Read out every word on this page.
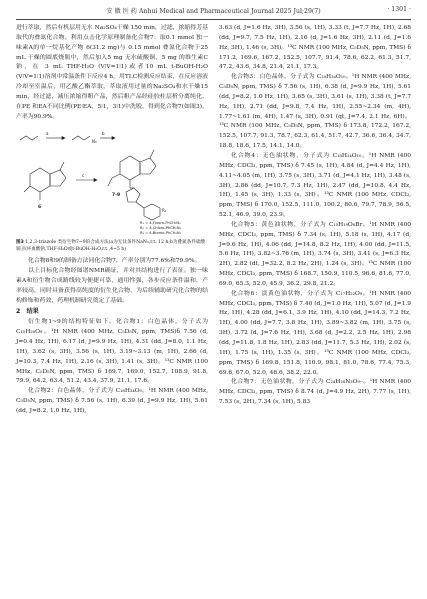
安 徽 医 药 Anhui Medical and Pharmaceutical Journal 2025 Jul;29(7)	· 1301 ·

进行萃取，然后有机层用无水 Na₂SO₄干燥 150 min，过滤，浓缩得芳基取代的叠氮化合物。利用点击化学原理制备化合物7：取0.1 mmol 独一味素A的单一烷基化产物 6(31.2 mg)与 0.15 mmol 叠氮化合物于25 mL 干燥的圆底烧瓶中，然后加入5 mg 无水硫酸铜，5 mg 的维生素C钠，在 3 mL THF-H₂O (V∶V=1∶1)或者10 mL t-BuOH-H₂O (V∶V=1∶1)溶剂中常温条件下反应4 h，用TLC检测反应结束，在反应溶液冷却至室温后，用乙酸乙酯萃取，萃取液用过量的Na₂SO₄和水干燥15 min，经过滤，减压浓缩得粗产品，然后粗产品经硅胶柱层析分离纯化，在PE 和EA不同比例(PE∶EA，5∶1，3∶1)中洗脱，得到化合物7(如图3)，产率为90.9%。

a	b
c
N₃
6
7-9
R₁
R₁ = 4-Fluoro-PhCH₂N₃
R₂ = 4-Chloro-PhCH₂N₃
R₃ = 4-Bromo-PhCH₂N₃
图3 1,2,3-triazole 类衍生物7~9的合成方法(a为无钛条件NaN₃,r.t. 12 h;b为叠氮条件硫酸铜,抗坏血酸钠,THF-H₂O或t-BuOH-H₂O,r.t.,4~5 h)

化合物8和9的制备方法同化合物7，产率分别为77.6%和79.9%。

以上目标化合物经图谱NMR确证，并对其结构进行了表征。独一味素A和衍生物合成路线较为便捷可靠，通用性强，各步反应条件温和，产率较高，同时具备获得高纯度的衍生化合物，为后续辅助研究化合物的结构修饰和药效、药理机制研究奠定了基础。

2　结果

衍生物1~9的结构特征如下。化合物1：白色晶体，分子式为 C₁₅H₂₀O₉。¹H NMR (400 MHz, C₅D₅N, ppm, TMS)δ 7.56 (d, J=0.4 Hz, 1H), 6.17 (d, J=9.9 Hz, 1H), 4.31 (dd, J=8.0, 1.1 Hz, 1H), 3.62 (s, 3H), 3.56 (s, 1H), 3.19~3.13 (m, 1H), 2.66 (d, J=10.3, 7.4 Hz, 1H), 2.16 (s, 3H), 1.41 (s, 3H)。¹³C NMR (100 MHz, C₅D₅N, ppm, TMS) δ 169.7, 169.0, 152.7, 108.9, 91.8, 79.9, 64.2, 63.4, 51.2, 43.4, 37.9, 21.1, 17.6。

化合物2：白色晶体，分子式为 C₁₆H₂₄O₉。¹H NMR (400 MHz, C₅D₅N, ppm, TMS) δ 7.56 (s, 1H), 6.39 (d, J=9.9 Hz, 1H), 5.61 (dd, J=8.2, 1.0 Hz, 1H),

3.63 (d, J=1.6 Hz, 3H), 3.56 (s, 1H), 3.33 (t, J=7.7 Hz, 1H), 2.68 (dd, J=9.7, 7.5 Hz, 1H), 2.16 (d, J=1.6 Hz, 3H), 2.11 (d, J=1.6 Hz, 3H), 1.46 (s, 3H)。¹³C NMR (100 MHz, C₅D₅N, ppm, TMS) δ 171.2, 169.6, 167.2, 152.5, 107.7, 91.4, 78.6, 62.2, 61.3, 51.7, 47.2, 43.6, 34.8, 21.4, 21.1, 17.3。

化合物3：白色晶体，分子式为 C₂₀H₂₄O₁₀。¹H NMR (400 MHz, C₅D₅N, ppm, TMS) δ 7.56 (s, 1H), 6.38 (d, J=9.9 Hz, 1H), 5.61 (dd, J=8.2, 1.0 Hz, 1H), 3.65 (s, 3H), 3.61 (s, 1H), 3.38 (t, J=7.7 Hz, 1H), 2.71 (dd, J=9.8, 7.4 Hz, 1H), 2.55~2.34 (m, 4H), 1.77~1.61 (m, 4H), 1.47 (s, 3H), 0.91 (qt, J=7.4, 2.1 Hz, 6H)。¹³C NMR (100 MHz, C₅D₅N, ppm, TMS) δ 173.8, 172.2, 167.2, 152.5, 107.7, 91.3, 78.7, 62.3, 61.4, 51.7, 42.7, 36.6, 36.4, 34.7, 18.8, 18.6, 17.5, 14.1, 14.0。

化合物4：无色油状物，分子式为 C₁₈H₂₄O₁₀。¹H NMR (400 MHz, CDCl₃, ppm, TMS) δ 7.45 (s, 1H), 4.84 (d, J=4.4 Hz, 1H), 4.11~4.05 (m, 1H), 3.75 (s, 3H), 3.71 (d, J=4.1 Hz, 1H), 3.48 (s, 3H), 2.86 (dd, J=10.7, 7.3 Hz, 1H), 2.47 (dd, J=10.8, 4.4 Hz, 1H), 1.45 (s, 3H), 1.33 (s, 3H)。¹³C NMR (100 MHz, CDCl₃, ppm, TMS) δ 170.0, 152.5, 111.0, 100.2, 80.6, 79.7, 78.9, 56.5, 52.1, 46.9, 39.0, 23.9。

化合物5：黄色油状物，分子式为 C₁₅H₁₉O₈Br。¹H NMR (400 MHz, CDCl₃, ppm, TMS) δ 7.34 (s, 1H), 5.18 (s, 1H), 4.17 (d, J=9.6 Hz, 1H), 4.06 (dd, J=14.8, 8.2 Hz, 1H), 4.00 (dd, J=11.5, 5.6 Hz, 1H), 3.82~3.76 (m, 1H), 3.74 (s, 3H), 3.41 (s, J=6.3 Hz, 2H), 2.82 (dt, J=32.2, 8.2 Hz, 2H), 1.24 (s, 3H)。¹³C NMR (100 MHz, CDCl₃, ppm, TMS) δ 168.7, 150.9, 110.5, 96.6, 81.6, 77.0, 69.0, 65.3, 52.0, 45.9, 36.2, 29.8, 21.2。

化合物6：淡黄色油状物，分子式为 C₁₇H₂₂O₉。¹H NMR (400 MHz, CDCl₃, ppm, TMS) δ 7.40 (d, J=1.0 Hz, 1H), 5.07 (d, J=1.9 Hz, 1H), 4.28 (dd, J=6.1, 3.9 Hz, 1H), 4.10 (dd, J=14.3, 7.2 Hz, 1H), 4.00 (dd, J=7.7, 3.8 Hz, 1H), 3.89~3.82 (m, 1H), 3.75 (s, 3H), 3.72 (d, J=7.6 Hz, 1H), 3.68 (d, J=2.2, 2.5 Hz, 1H), 2.98 (dd, J=11.8, 1.8 Hz, 1H), 2.83 (dd, J=11.7, 5.3 Hz, 1H), 2.02 (s, 1H), 1.75 (s, 1H), 1.35 (s, 3H)。¹³C NMR (100 MHz, CDCl₃, ppm, TMS) δ 169.8, 151.8, 110.9, 98.1, 81.0, 78.6, 77.4, 75.3, 69.6, 67.0, 52.0, 48.6, 38.2, 22.0。

化合物7：无色油状物，分子式为 C₂₄H₂₈N₃O₉₋。¹H NMR (400 MHz, CDCl₃, ppm, TMS) δ 8.74 (d, J=4.9 Hz, 2H), 7.77 (s, 1H), 7.53 (s, 2H), 7.34 (s, 1H), 5.83
